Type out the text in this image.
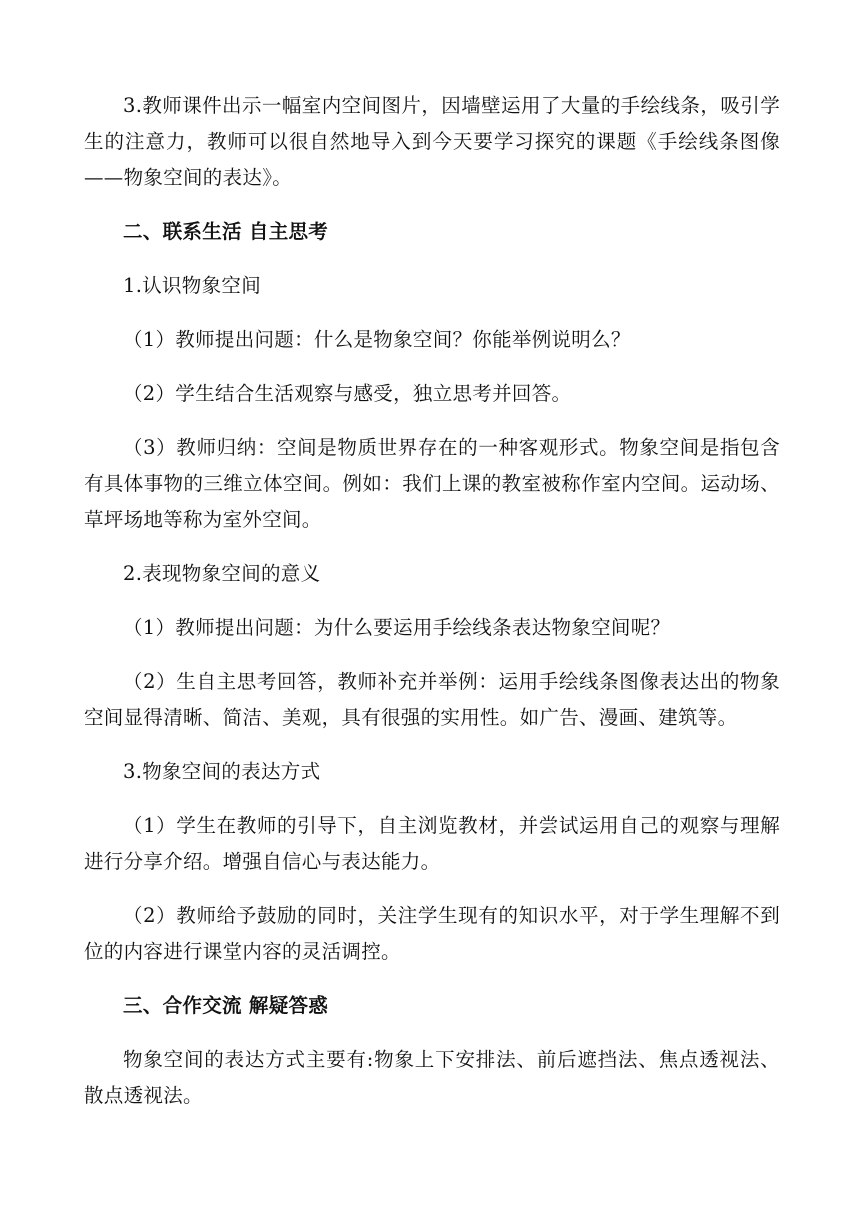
3.教师课件出示一幅室内空间图片，因墙壁运用了大量的手绘线条，吸引学生的注意力，教师可以很自然地导入到今天要学习探究的课题《手绘线条图像——物象空间的表达》。

二、联系生活 自主思考

1.认识物象空间

（1）教师提出问题：什么是物象空间？你能举例说明么？

（2）学生结合生活观察与感受，独立思考并回答。

（3）教师归纳：空间是物质世界存在的一种客观形式。物象空间是指包含有具体事物的三维立体空间。例如：我们上课的教室被称作室内空间。运动场、草坪场地等称为室外空间。

2.表现物象空间的意义

（1）教师提出问题：为什么要运用手绘线条表达物象空间呢？

（2）生自主思考回答，教师补充并举例：运用手绘线条图像表达出的物象空间显得清晰、简洁、美观，具有很强的实用性。如广告、漫画、建筑等。

3.物象空间的表达方式

（1）学生在教师的引导下，自主浏览教材，并尝试运用自己的观察与理解进行分享介绍。增强自信心与表达能力。

（2）教师给予鼓励的同时，关注学生现有的知识水平，对于学生理解不到位的内容进行课堂内容的灵活调控。

三、合作交流 解疑答惑

物象空间的表达方式主要有:物象上下安排法、前后遮挡法、焦点透视法、散点透视法。
